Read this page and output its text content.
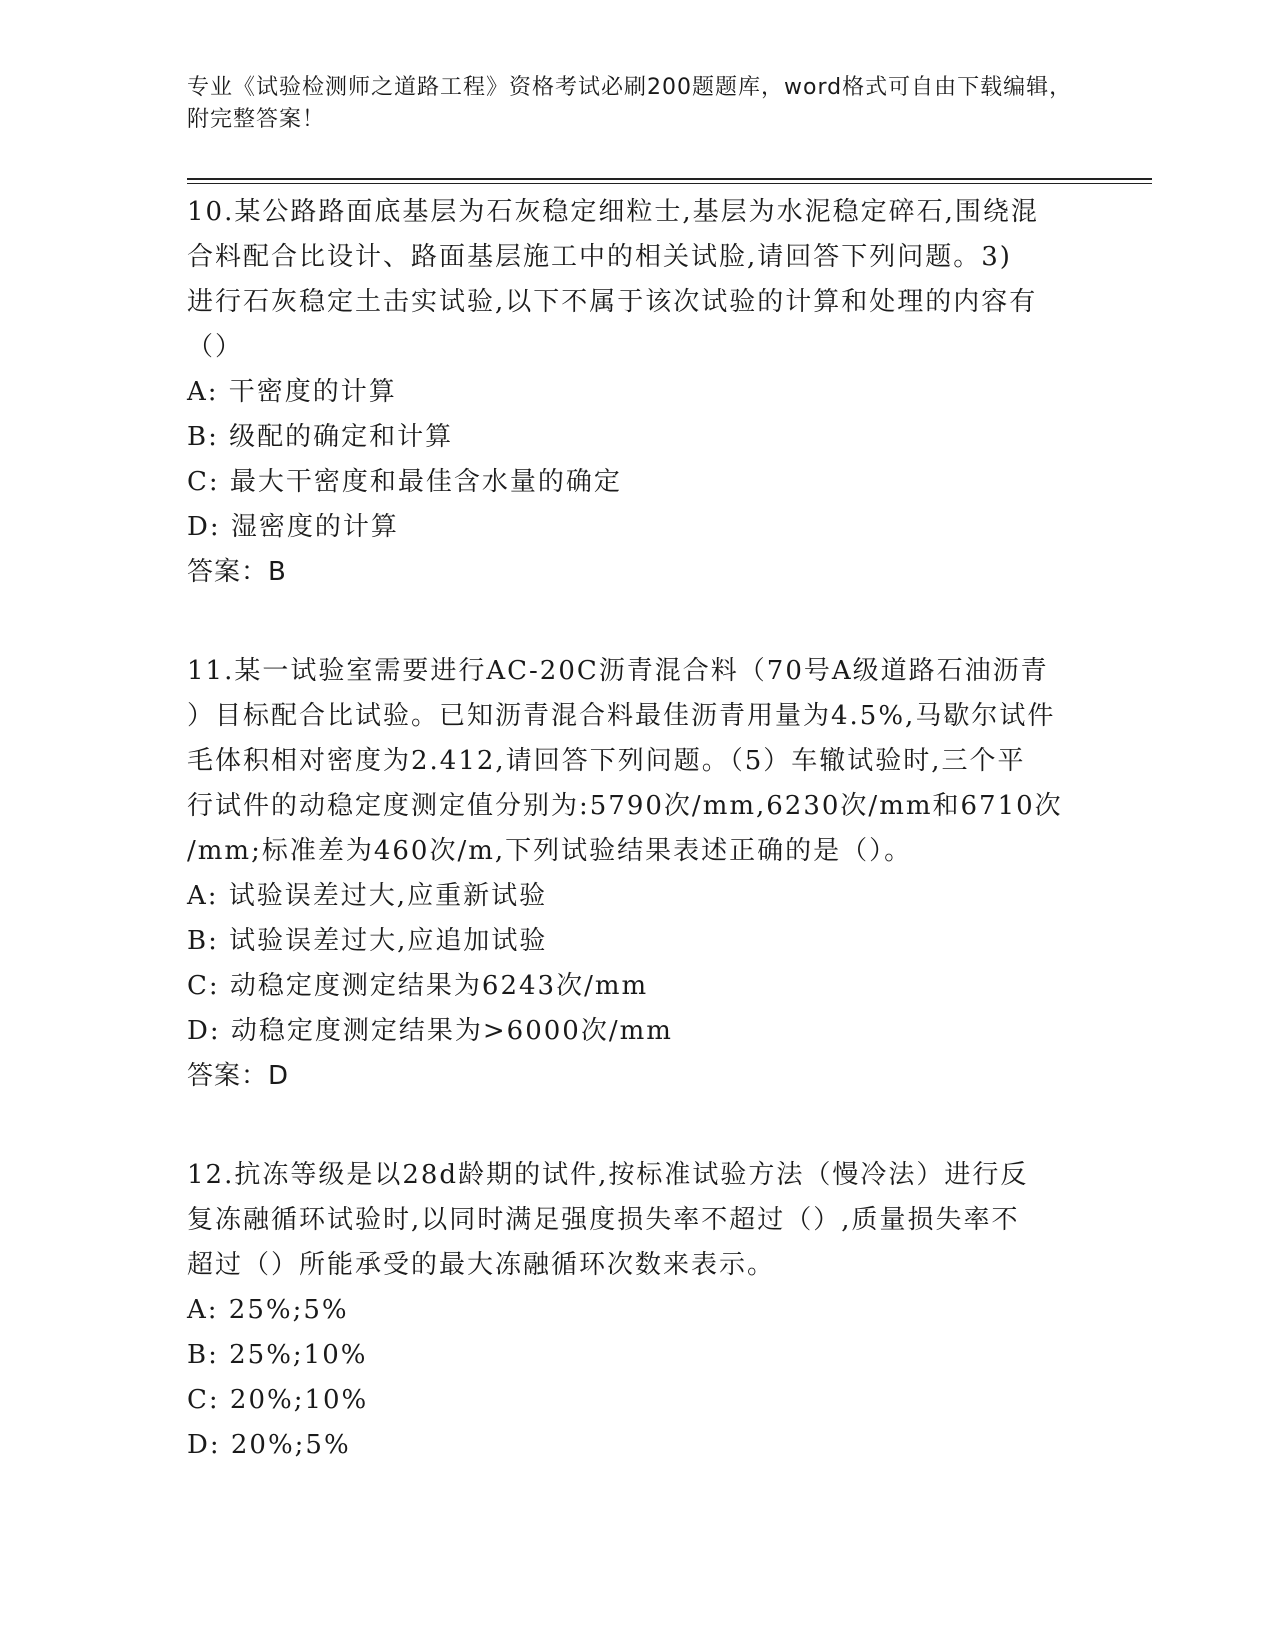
专业《试验检测师之道路工程》资格考试必刷200题题库，word格式可自由下载编辑，附完整答案！
10.某公路路面底基层为石灰稳定细粒士,基层为水泥稳定碎石,围绕混
合料配合比设计、路面基层施工中的相关试脸,请回答下列问题。3)
进行石灰稳定土击实试验,以下不属于该次试验的计算和处理的内容有
（）
A: 干密度的计算
B: 级配的确定和计算
C: 最大干密度和最佳含水量的确定
D: 湿密度的计算
答案：B
11.某一试验室需要进行AC-20C沥青混合料（70号A级道路石油沥青
）目标配合比试验。已知沥青混合料最佳沥青用量为4.5%,马歇尔试件
毛体积相对密度为2.412,请回答下列问题。（5）车辙试验时,三个平
行试件的动稳定度测定值分别为:5790次/mm,6230次/mm和6710次
/mm;标准差为460次/m,下列试验结果表述正确的是（）。
A: 试验误差过大,应重新试验
B: 试验误差过大,应追加试验
C: 动稳定度测定结果为6243次/mm
D: 动稳定度测定结果为>6000次/mm
答案：D
12.抗冻等级是以28d龄期的试件,按标准试验方法（慢冷法）进行反
复冻融循环试验时,以同时满足强度损失率不超过（）,质量损失率不
超过（）所能承受的最大冻融循环次数来表示。
A: 25%;5%
B: 25%;10%
C: 20%;10%
D: 20%;5%
